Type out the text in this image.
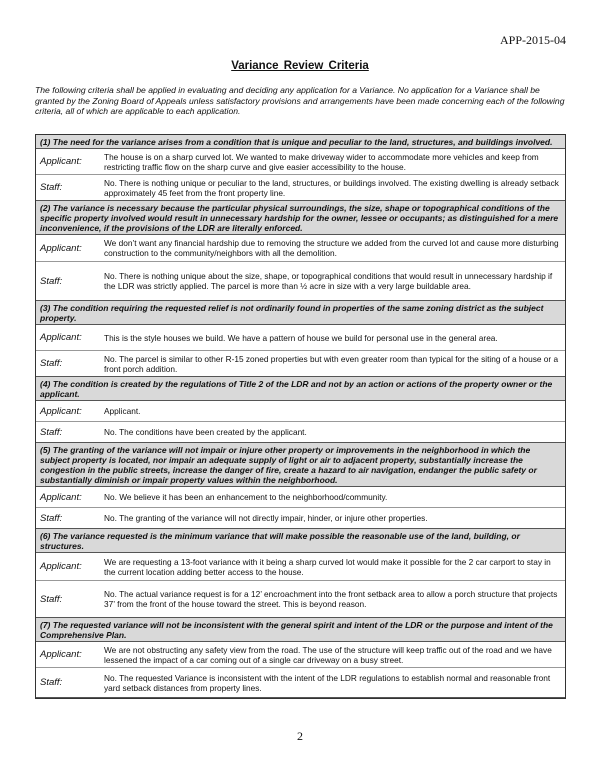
APP-2015-04
Variance Review Criteria
The following criteria shall be applied in evaluating and deciding any application for a Variance. No application for a Variance shall be granted by the Zoning Board of Appeals unless satisfactory provisions and arrangements have been made concerning each of the following criteria, all of which are applicable to each application.
(1) The need for the variance arises from a condition that is unique and peculiar to the land, structures, and buildings involved.
Applicant:	The house is on a sharp curved lot. We wanted to make driveway wider to accommodate more vehicles and keep from restricting traffic flow on the sharp curve and give easier accessibility to the house.
Staff:	No. There is nothing unique or peculiar to the land, structures, or buildings involved. The existing dwelling is already setback approximately 45 feet from the front property line.
(2) The variance is necessary because the particular physical surroundings, the size, shape or topographical conditions of the specific property involved would result in unnecessary hardship for the owner, lessee or occupants; as distinguished for a mere inconvenience, if the provisions of the LDR are literally enforced.
Applicant:	We don’t want any financial hardship due to removing the structure we added from the curved lot and cause more disturbing construction to the community/neighbors with all the demolition.
Staff:	No. There is nothing unique about the size, shape, or topographical conditions that would result in unnecessary hardship if the LDR was strictly applied. The parcel is more than ½ acre in size with a very large buildable area.
(3) The condition requiring the requested relief is not ordinarily found in properties of the same zoning district as the subject property.
Applicant:	This is the style houses we build. We have a pattern of house we build for personal use in the general area.
Staff:	No. The parcel is similar to other R-15 zoned properties but with even greater room than typical for the siting of a house or a front porch addition.
(4) The condition is created by the regulations of Title 2 of the LDR and not by an action or actions of the property owner or the applicant.
Applicant:	Applicant.
Staff:	No. The conditions have been created by the applicant.
(5) The granting of the variance will not impair or injure other property or improvements in the neighborhood in which the subject property is located, nor impair an adequate supply of light or air to adjacent property, substantially increase the congestion in the public streets, increase the danger of fire, create a hazard to air navigation, endanger the public safety or substantially diminish or impair property values within the neighborhood.
Applicant:	No. We believe it has been an enhancement to the neighborhood/community.
Staff:	No. The granting of the variance will not directly impair, hinder, or injure other properties.
(6) The variance requested is the minimum variance that will make possible the reasonable use of the land, building, or structures.
Applicant:	We are requesting a 13-foot variance with it being a sharp curved lot would make it possible for the 2 car carport to stay in the current location adding better access to the house.
Staff:	No. The actual variance request is for a 12’ encroachment into the front setback area to allow a porch structure that projects 37’ from the front of the house toward the street. This is beyond reason.
(7) The requested variance will not be inconsistent with the general spirit and intent of the LDR or the purpose and intent of the Comprehensive Plan.
Applicant:	We are not obstructing any safety view from the road. The use of the structure will keep traffic out of the road and we have lessened the impact of a car coming out of a single car driveway on a busy street.
Staff:	No. The requested Variance is inconsistent with the intent of the LDR regulations to establish normal and reasonable front yard setback distances from property lines.
2
